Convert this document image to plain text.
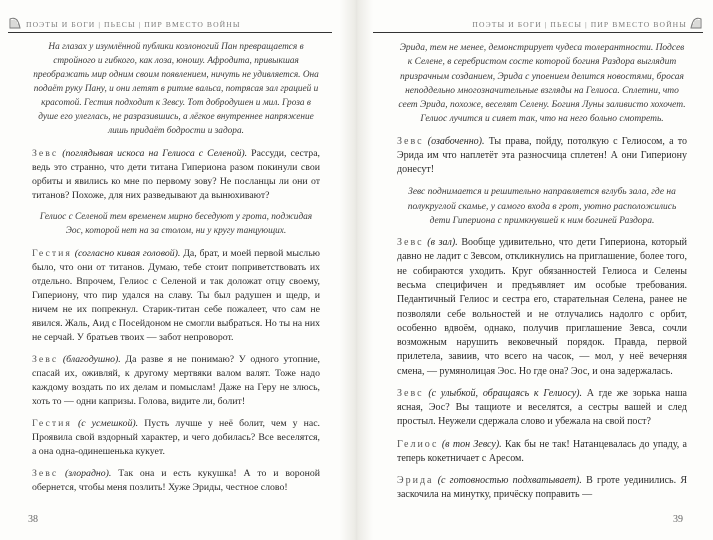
ПОЭТЫ И БОГИ | ПЬЕСЫ | ПИР ВМЕСТО ВОЙНЫ

На глазах у изумлённой публики козлоногий Пан превращается в стройного и гибкого, как лоза, юношу. Афродита, привыкшая преображать мир одним своим появлением, ничуть не удивляется. Она подаёт руку Пану, и они летят в ритме вальса, потрясая зал грацией и красотой. Гестия подходит к Зевсу. Тот добродушен и мил. Гроза в душе его улеглась, не разразившись, а лёгкое внутреннее напряжение лишь придаёт бодрости и задора.

Зевс (поглядывая искоса на Гелиоса с Селеной). Рассуди, сестра, ведь это странно, что дети титана Гипериона разом покинули свои орбиты и явились ко мне по первому зову? Не посланцы ли они от титанов? Похоже, для них разведывают да вынюхивают?

Гелиос с Селеной тем временем мирно беседуют у грота, поджидая Эос, которой нет на за столом, ни у кругу танцующих.

Гестия (согласно кивая головой). Да, брат, и моей первой мыслью было, что они от титанов. Думаю, тебе стоит поприветствовать их отдельно. Впрочем, Гелиос с Селеной и так доложат отцу своему, Гипериону, что пир удался на славу. Ты был радушен и щедр, и ничем не их попрекнул. Старик-титан себе пожалеет, что сам не явился. Жаль, Аид с Посейдоном не смогли выбраться. Но ты на них не серчай. У братьев твоих — забот непроворот.

Зевс (благодушно). Да разве я не понимаю? У одного утопние, спасай их, оживляй, к другому мертвяки валом валят. Тоже надо каждому воздать по их делам и помыслам! Даже на Геру не злюсь, хоть то — одни капризы. Голова, видите ли, болит!

Гестия (с усмешкой). Пусть лучше у неё болит, чем у нас. Проявила свой вздорный характер, и чего добилась? Все веселятся, а она одна-одинешенька кукует.

Зевс (злорадно). Так она и есть кукушка! А то и вороной обернется, чтобы меня позлить! Хуже Эриды, честное слово!

38
ПОЭТЫ И БОГИ | ПЬЕСЫ | ПИР ВМЕСТО ВОЙНЫ

Эрида, тем не менее, демонстрирует чудеса толерантности. Подсев к Селене, в серебристом состе которой богиня Раздора выглядит призрачным созданием, Эрида с упоением делится новостями, бросая неподдельно многозначительные взгляды на Гелиоса. Сплетни, что сеет Эрида, похоже, веселят Селену. Богиня Луны заливисто хохочет. Гелиос лучится и сияет так, что на него больно смотреть.

Зевс (озабоченно). Ты права, пойду, потолкую с Гелиосом, а то Эрида им что нaплетёт эта разносчица сплетен! А они Гипериону донесут!

Зевс поднимается и решительно направляется вглубь зала, где на полукруглой скамье, у самого входа в грот, уютно расположились дети Гипериона с примкнувшей к ним богиней Раздора.

Зевс (в зал). Вообще удивительно, что дети Гипериона, который давно не ладит с Зевсом, откликнулись на приглашение, более того, не собираются уходить. Круг обязанностей Гелиоса и Селены весьма специфичен и предъявляет им особые требования. Педантичный Гелиос и сестра его, старательная Селена, ранее не позволяли себе вольностей и не отлучались надолго с орбит, особенно вдвоём, однако, получив приглашение Зевса, сочли возможным нарушить вековечный порядок. Правда, первой прилетела, завиив, что всего на часок, — мол, у неё вечерняя смена, — румянолицая Эос. Но где она? Эос, и она задержалась.

Зевс (с улыбкой, обращаясь к Гелиосу). А где же зорька наша ясная, Эос? Вы тащиоте и веселятся, а сестры вашей и след простыл. Неужели сдержала слово и убежала на свой пост?

Гелиос (в тон Зевсу). Как бы не так! Натанцевалась до упаду, а теперь кокетничает с Аресом.

Эрида (с готовностью подхватывает). В гроте уединились. Я заскочила на минутку, причёску поправить —

39
